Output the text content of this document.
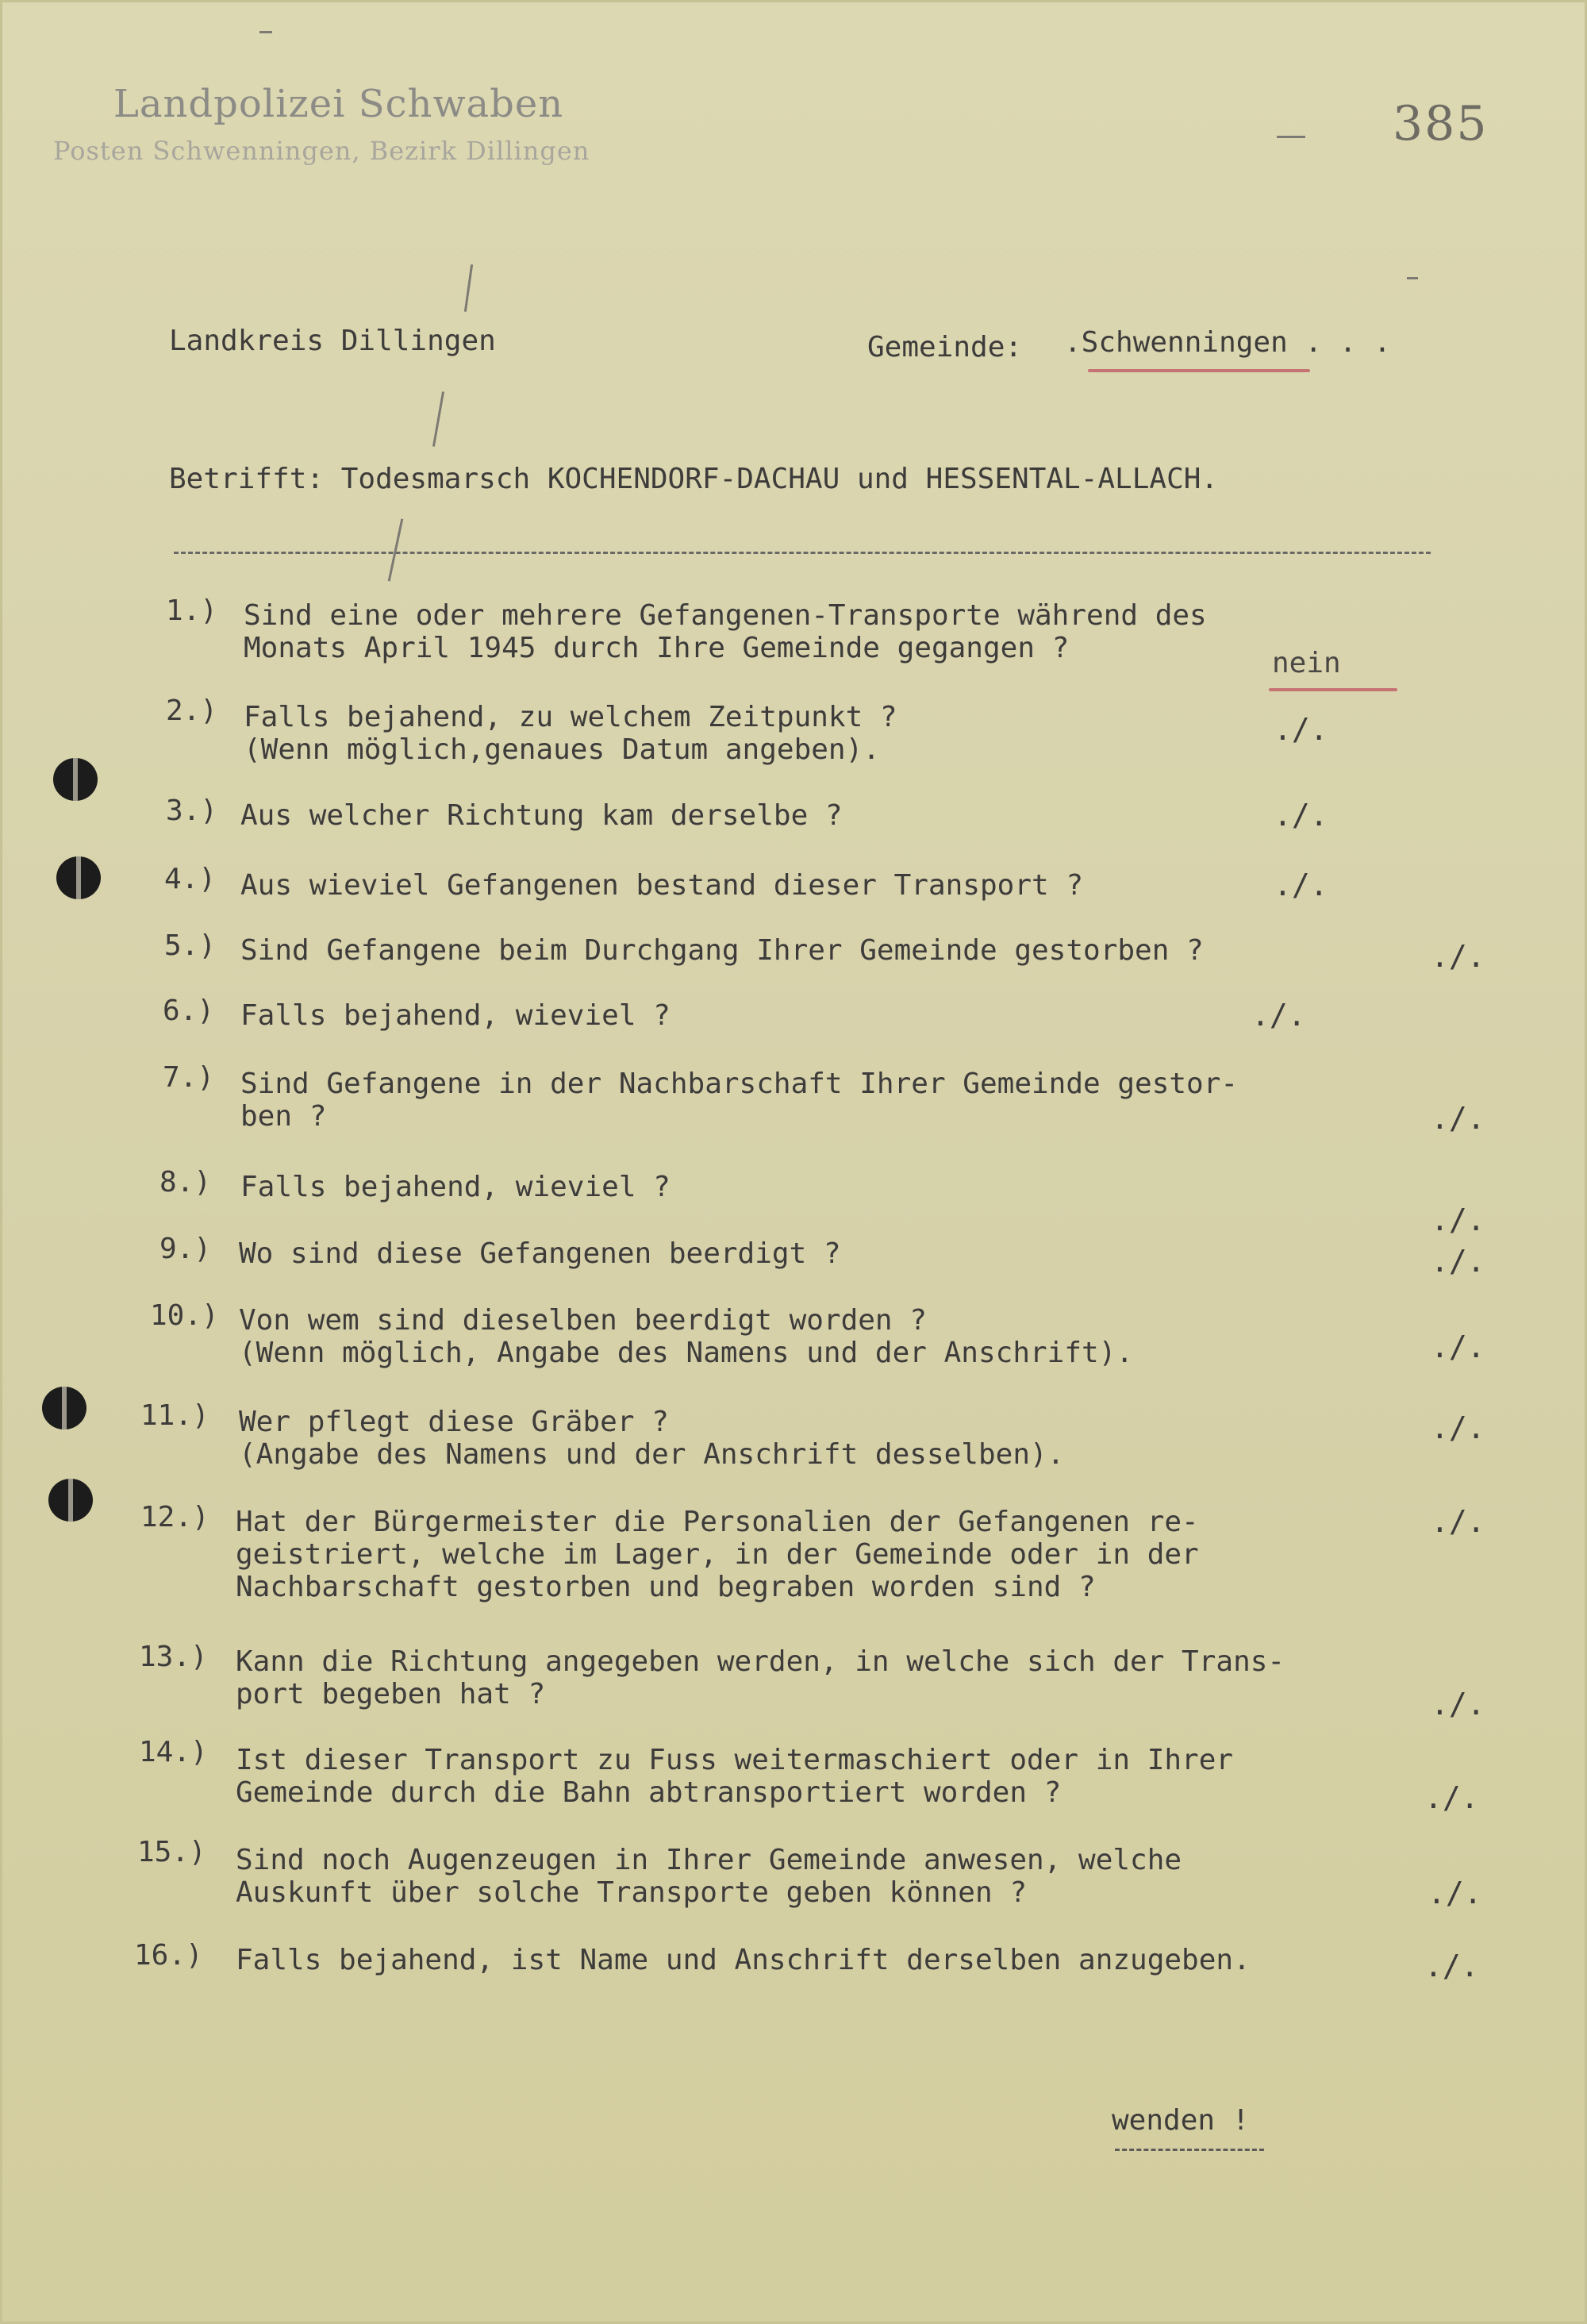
Landpolizei Schwaben
Posten Schwenningen, Bezirk Dillingen	385
Landkreis Dillingen	Gemeinde: .Schwenningen . . .
Betrifft: Todesmarsch KOCHENDORF-DACHAU und HESSENTAL-ALLACH.
1.) Sind eine oder mehrere Gefangenen-Transporte während des
Monats April 1945 durch Ihre Gemeinde gegangen ?	nein
2.) Falls bejahend, zu welchem Zeitpunkt ?
(Wenn möglich,genaues Datum angeben).
./.
3.) Aus welcher Richtung kam derselbe ?	./.
4.) Aus wieviel Gefangenen bestand dieser Transport ?	./.
5.) Sind Gefangene beim Durchgang Ihrer Gemeinde gestorben ?	./.
6.) Falls bejahend, wieviel ?	./.
7.) Sind Gefangene in der Nachbarschaft Ihrer Gemeinde gestor-
ben ?	./.
8.) Falls bejahend, wieviel ?
./.
9.) Wo sind diese Gefangenen beerdigt ?	./.
10.) Von wem sind dieselben beerdigt worden ?
(Wenn möglich, Angabe des Namens und der Anschrift).	./.
11.) Wer pflegt diese Gräber ?
(Angabe des Namens und der Anschrift desselben).
./.
12.) Hat der Bürgermeister die Personalien der Gefangenen re-
geistriert, welche im Lager, in der Gemeinde oder in der
Nachbarschaft gestorben und begraben worden sind ?
./.
13.) Kann die Richtung angegeben werden, in welche sich der Trans-
port begeben hat ?	./.
14.) Ist dieser Transport zu Fuss weitermaschiert oder in Ihrer
Gemeinde durch die Bahn abtransportiert worden ?	./.
15.) Sind noch Augenzeugen in Ihrer Gemeinde anwesen, welche
Auskunft über solche Transporte geben können ?	./.
16.) Falls bejahend, ist Name und Anschrift derselben anzugeben.	./.
wenden !
